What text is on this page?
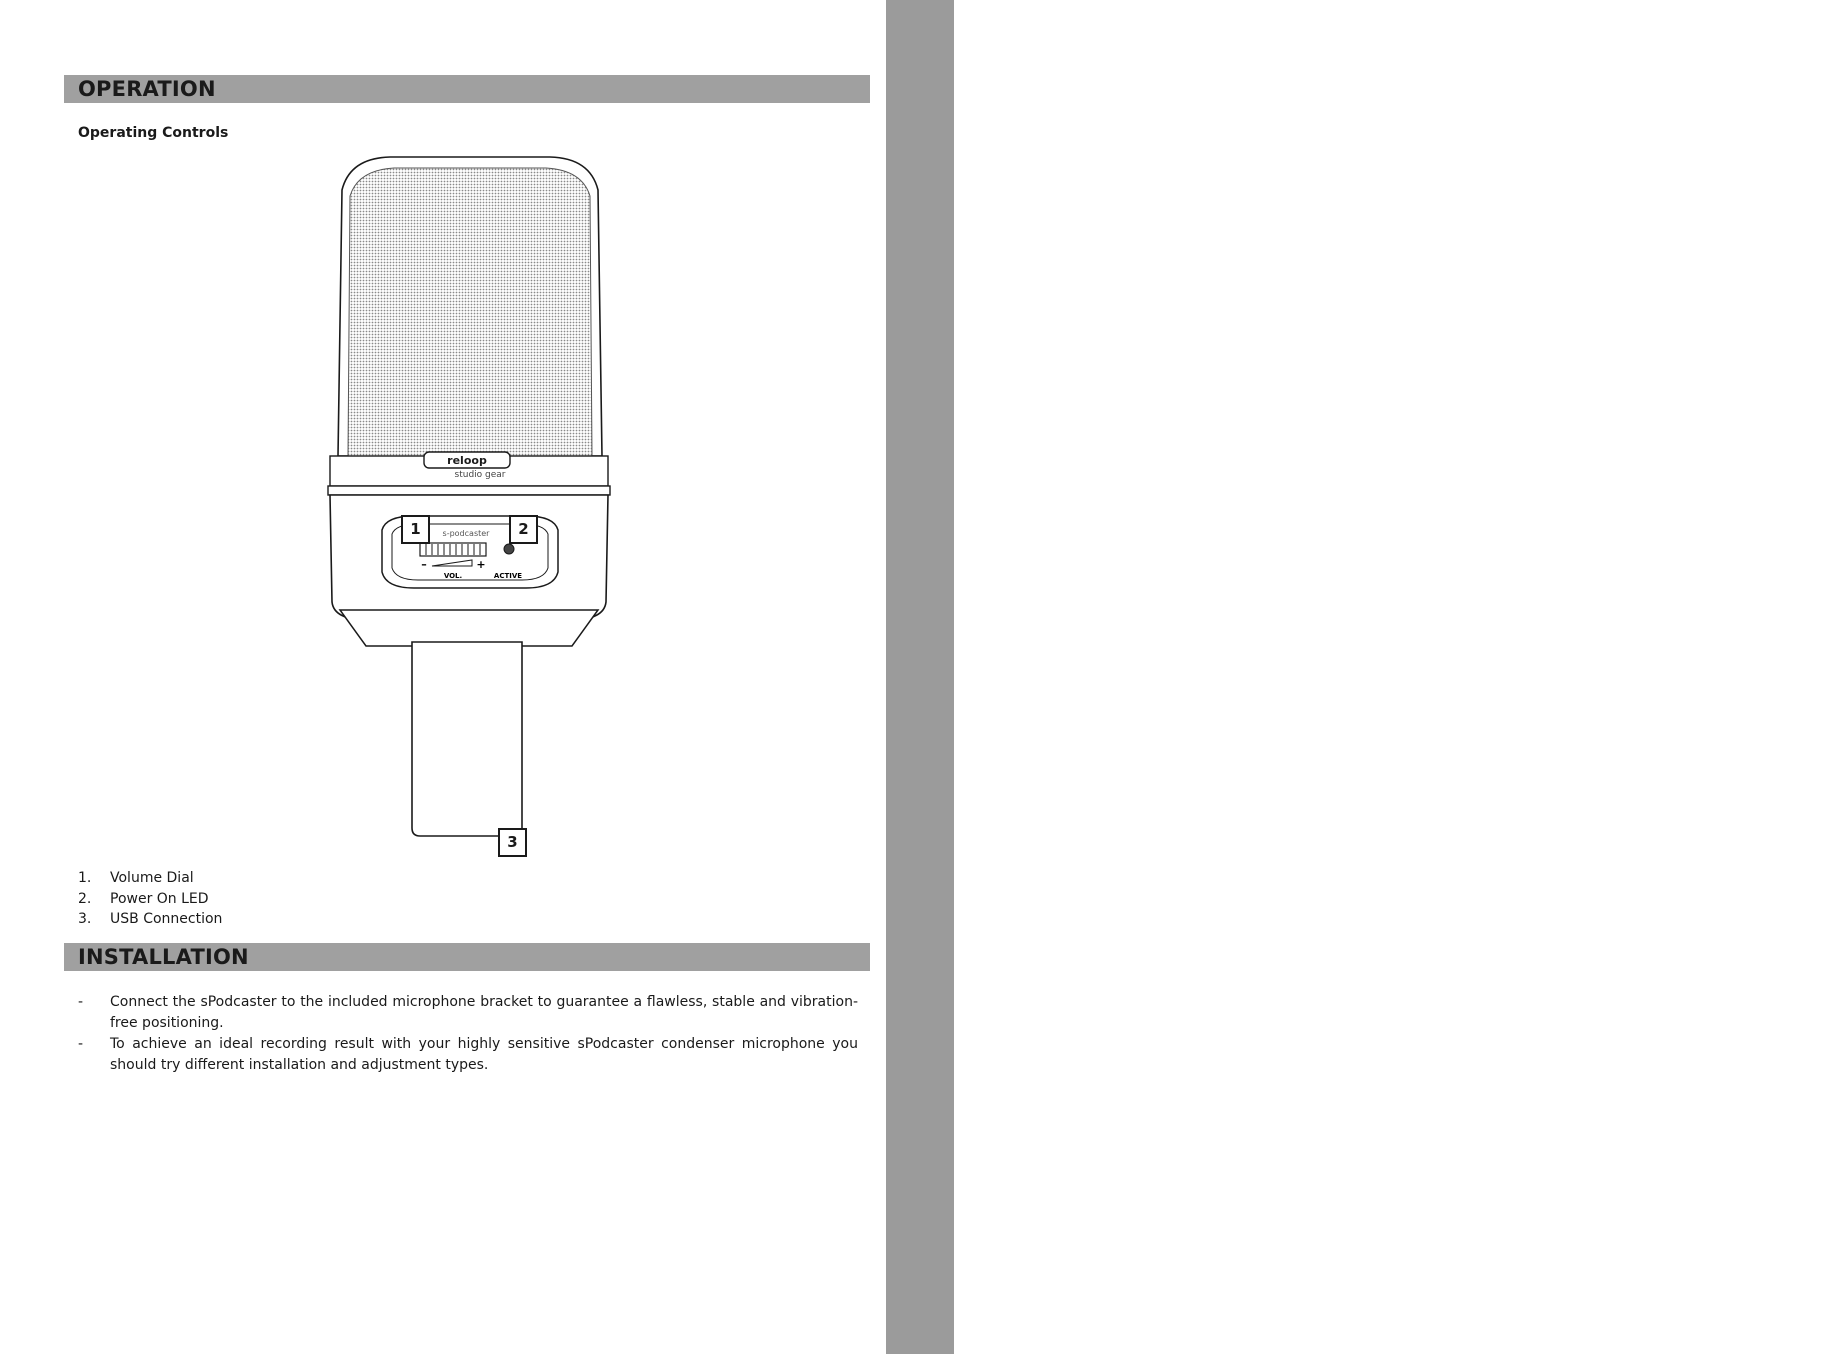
ENGLISH
OPERATION
Operating Controls
reloop
studio gear
s-podcaster
–	+
VOL.	ACTIVE
1	2
3
1. Volume Dial
2. Power On LED
3. USB Connection
INSTALLATION
- Connect the sPodcaster to the included microphone bracket to guarantee a flawless, stable and vibration-free positioning.
- To achieve an ideal recording result with your highly sensitive sPodcaster condenser microphone you should try different installation and adjustment types.
